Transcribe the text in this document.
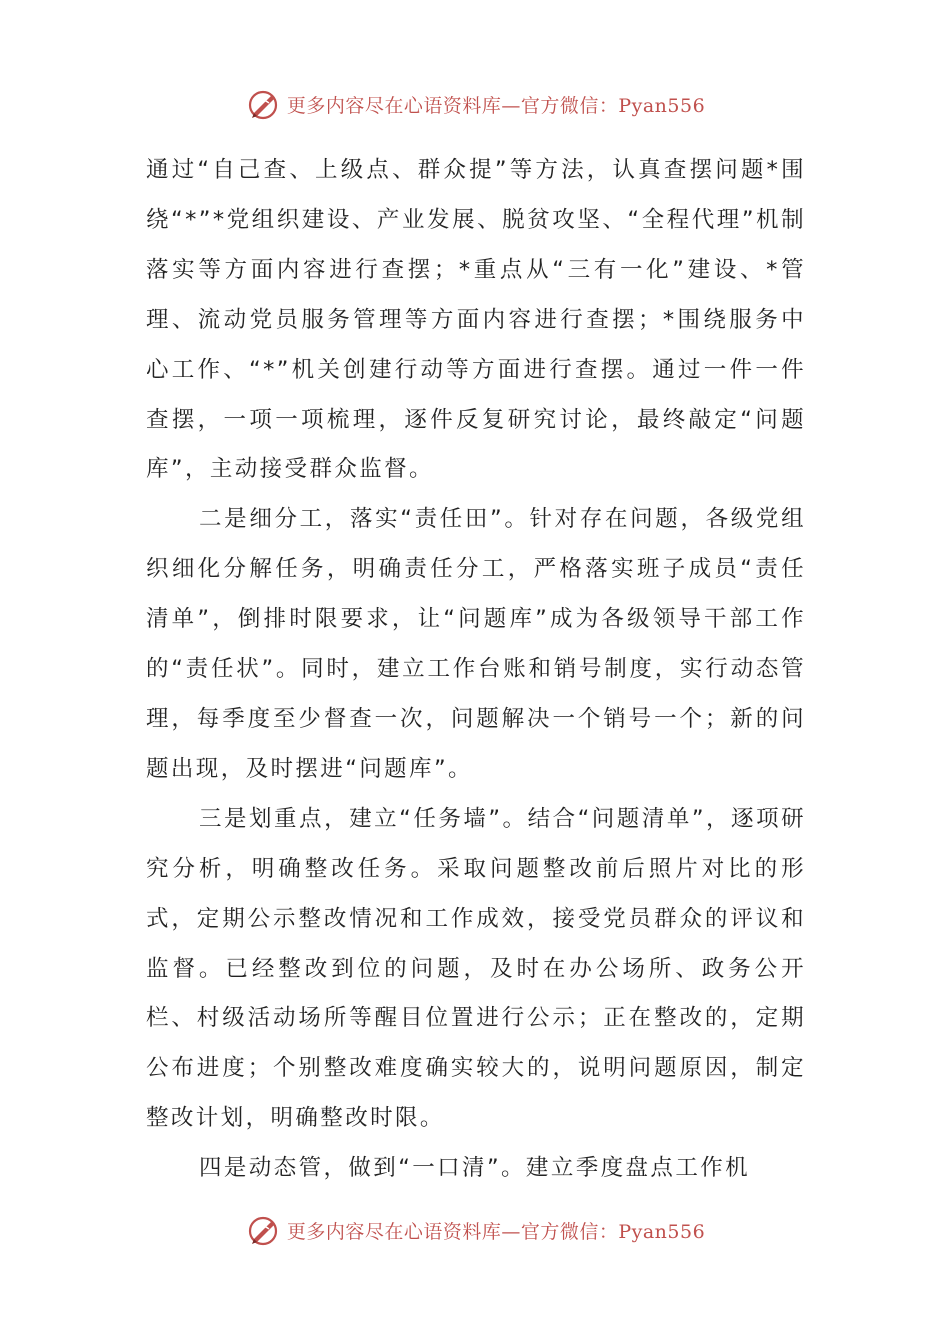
更多内容尽在心语资料库—官方微信：Pyan556

通过“自己查、上级点、群众提”等方法，认真查摆问题*围绕“*”*党组织建设、产业发展、脱贫攻坚、“全程代理”机制落实等方面内容进行查摆；*重点从“三有一化”建设、*管理、流动党员服务管理等方面内容进行查摆；*围绕服务中心工作、“*”机关创建行动等方面进行查摆。通过一件一件查摆，一项一项梳理，逐件反复研究讨论，最终敲定“问题库”，主动接受群众监督。

二是细分工，落实“责任田”。针对存在问题，各级党组织细化分解任务，明确责任分工，严格落实班子成员“责任清单”，倒排时限要求，让“问题库”成为各级领导干部工作的“责任状”。同时，建立工作台账和销号制度，实行动态管理，每季度至少督查一次，问题解决一个销号一个；新的问题出现，及时摆进“问题库”。

三是划重点，建立“任务墙”。结合“问题清单”，逐项研究分析，明确整改任务。采取问题整改前后照片对比的形式，定期公示整改情况和工作成效，接受党员群众的评议和监督。已经整改到位的问题，及时在办公场所、政务公开栏、村级活动场所等醒目位置进行公示；正在整改的，定期公布进度；个别整改难度确实较大的，说明问题原因，制定整改计划，明确整改时限。

四是动态管，做到“一口清”。建立季度盘点工作机

更多内容尽在心语资料库—官方微信：Pyan556
